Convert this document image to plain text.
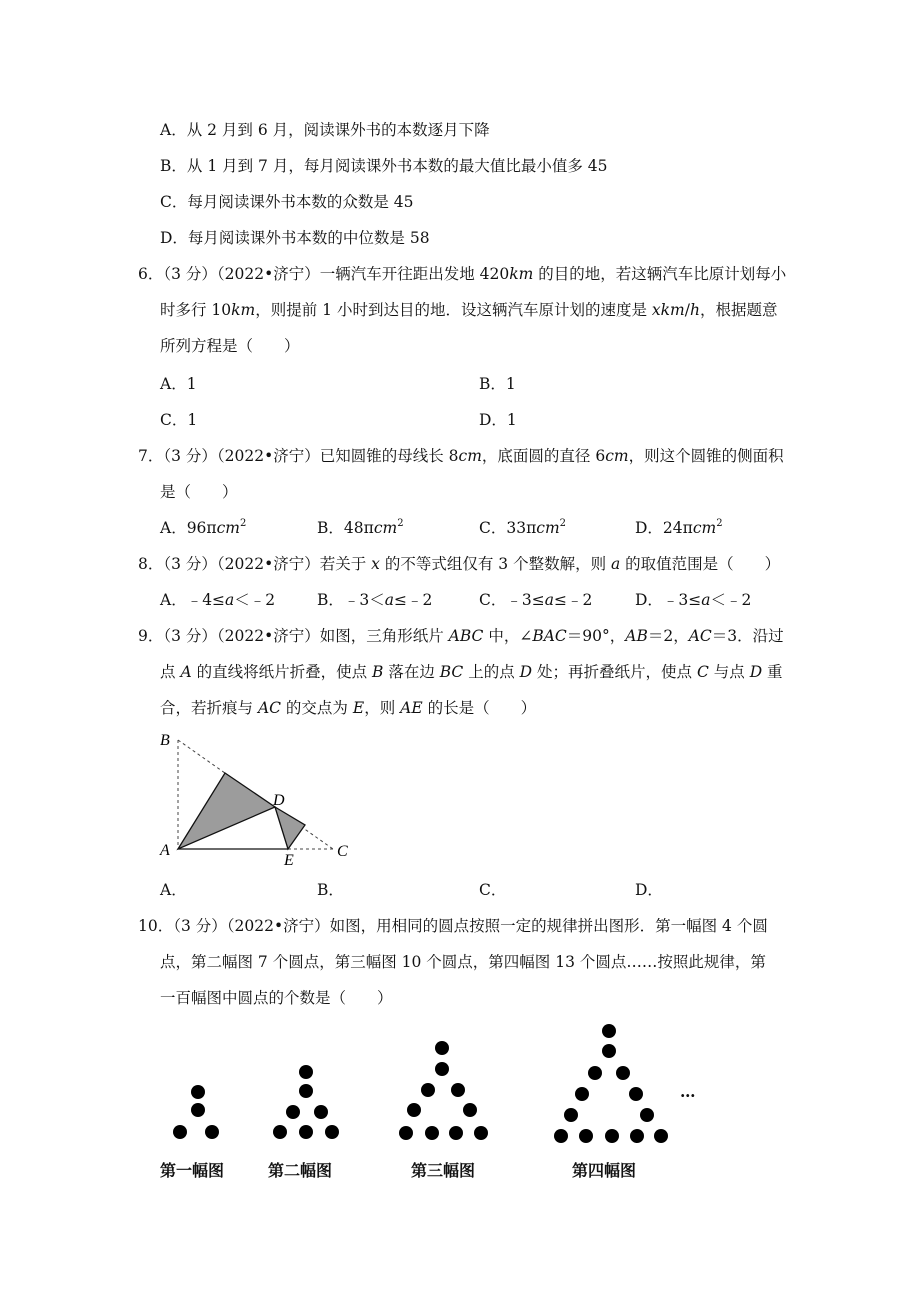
A．从 2 月到 6 月，阅读课外书的本数逐月下降
B．从 1 月到 7 月，每月阅读课外书本数的最大值比最小值多 45
C．每月阅读课外书本数的众数是 45
D．每月阅读课外书本数的中位数是 58
6．（3 分）（2022•济宁）一辆汽车开往距出发地 420km 的目的地，若这辆汽车比原计划每小
时多行 10km，则提前 1 小时到达目的地．设这辆汽车原计划的速度是 xkm/h，根据题意
所列方程是（　　）
A．1	B．1
C．1	D．1
7．（3 分）（2022•济宁）已知圆锥的母线长 8cm，底面圆的直径 6cm，则这个圆锥的侧面积
是（　　）
A．96πcm$^2$	B．48πcm$^2$	C．33πcm$^2$	D．24πcm$^2$
8．（3 分）（2022•济宁）若关于 x 的不等式组仅有 3 个整数解，则 a 的取值范围是（　　）
A．﹣4≤a＜﹣2	B．﹣3＜a≤﹣2	C．﹣3≤a≤﹣2	D．﹣3≤a＜﹣2
9．（3 分）（2022•济宁）如图，三角形纸片 ABC 中，∠BAC＝90°，AB＝2，AC＝3．沿过
点 A 的直线将纸片折叠，使点 B 落在边 BC 上的点 D 处；再折叠纸片，使点 C 与点 D 重
合，若折痕与 AC 的交点为 E，则 AE 的长是（　　）
B
D
A
E
C
A．	B．	C．	D．
10．（3 分）（2022•济宁）如图，用相同的圆点按照一定的规律拼出图形．第一幅图 4 个圆
点，第二幅图 7 个圆点，第三幅图 10 个圆点，第四幅图 13 个圆点……按照此规律，第
一百幅图中圆点的个数是（　　）
…
第一幅图	第二幅图	第三幅图	第四幅图
